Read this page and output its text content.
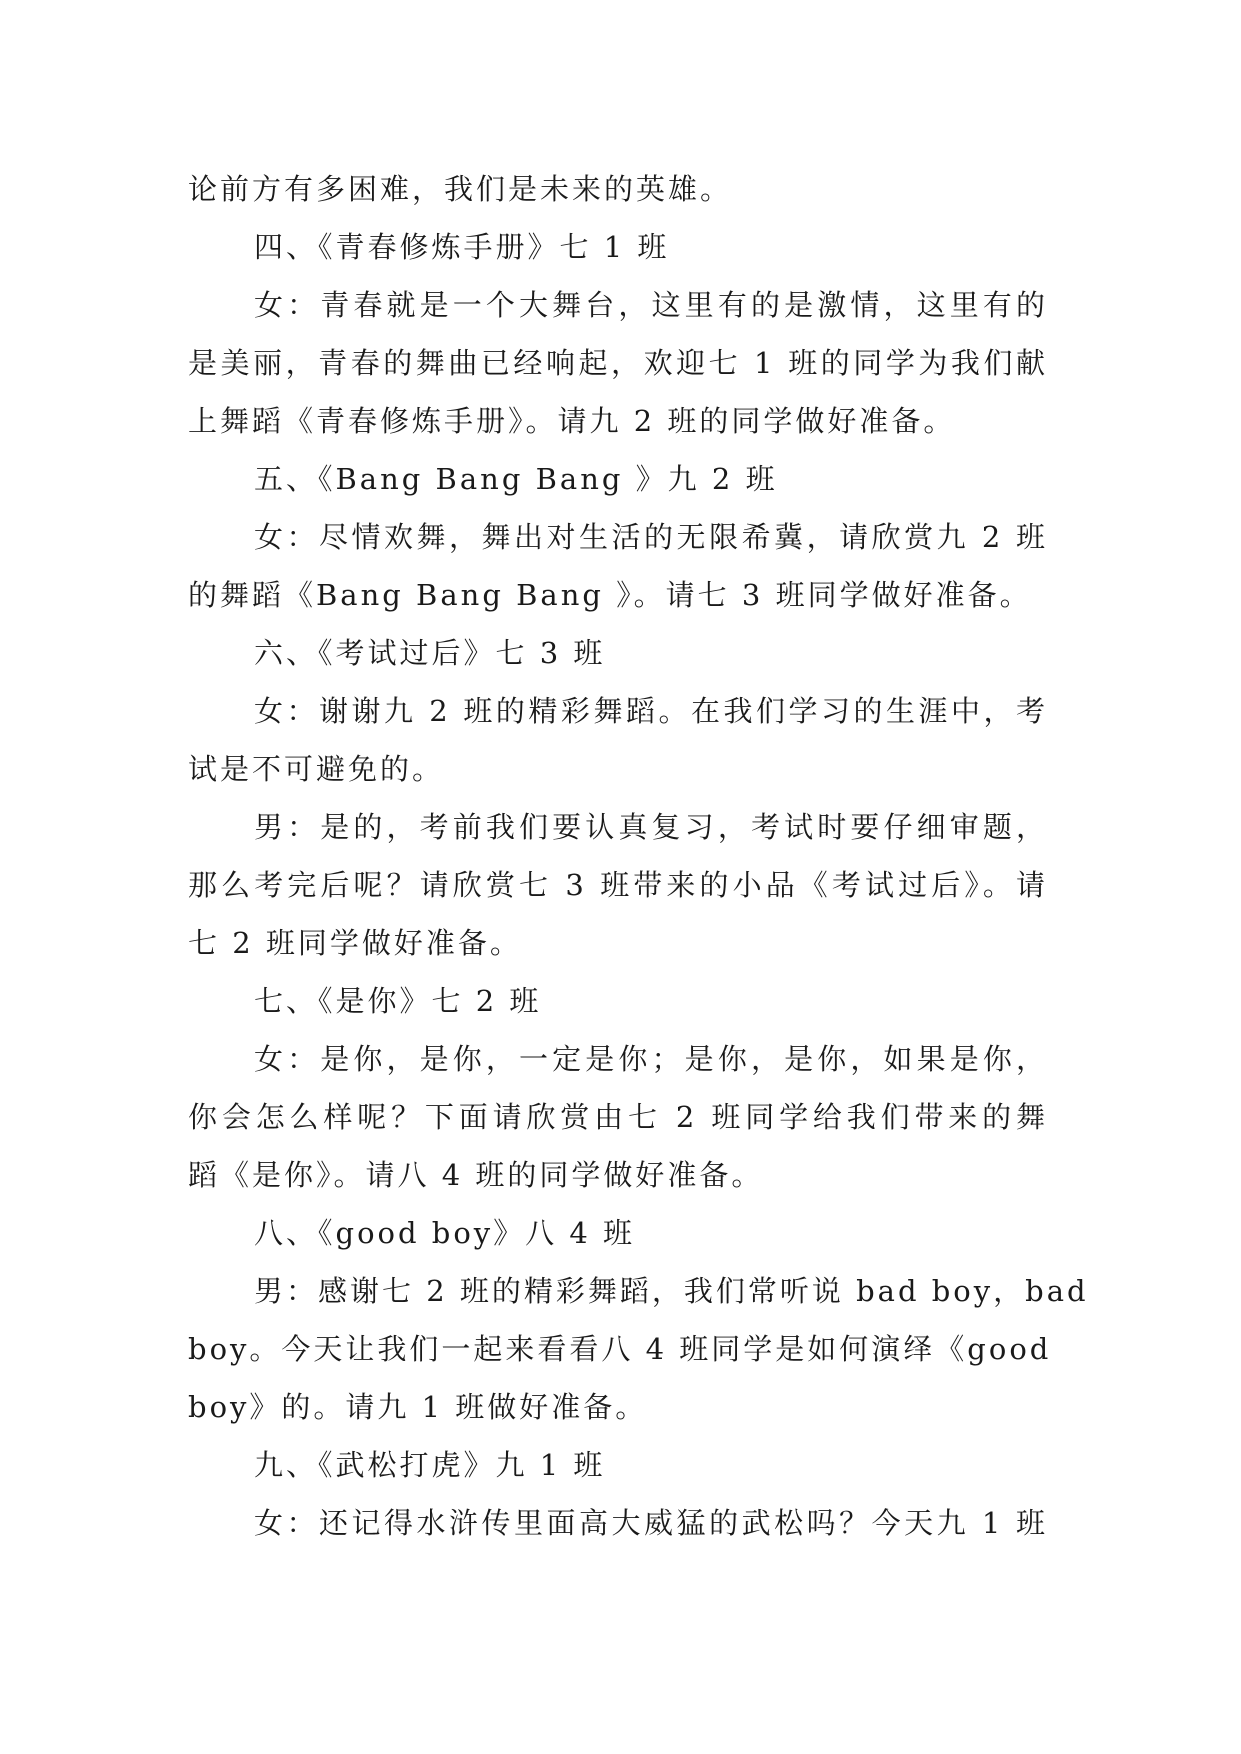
论前方有多困难，我们是未来的英雄。
四、《青春修炼手册》七 1 班
女：青春就是一个大舞台，这里有的是激情，这里有的
是美丽，青春的舞曲已经响起，欢迎七 1 班的同学为我们献
上舞蹈《青春修炼手册》。请九 2 班的同学做好准备。
五、《Bang Bang Bang 》九 2 班
女：尽情欢舞，舞出对生活的无限希冀，请欣赏九 2 班
的舞蹈《Bang Bang Bang 》。请七 3 班同学做好准备。
六、《考试过后》七 3 班
女：谢谢九 2 班的精彩舞蹈。在我们学习的生涯中，考
试是不可避免的。
男：是的，考前我们要认真复习，考试时要仔细审题，
那么考完后呢？请欣赏七 3 班带来的小品《考试过后》。请
七 2 班同学做好准备。
七、《是你》七 2 班
女：是你，是你，一定是你；是你，是你，如果是你，
你会怎么样呢？下面请欣赏由七 2 班同学给我们带来的舞
蹈《是你》。请八 4 班的同学做好准备。
八、《good boy》八 4 班
男：感谢七 2 班的精彩舞蹈，我们常听说 bad boy，bad
boy。今天让我们一起来看看八 4 班同学是如何演绎《good
boy》的。请九 1 班做好准备。
九、《武松打虎》九 1 班
女：还记得水浒传里面高大威猛的武松吗？今天九 1 班
